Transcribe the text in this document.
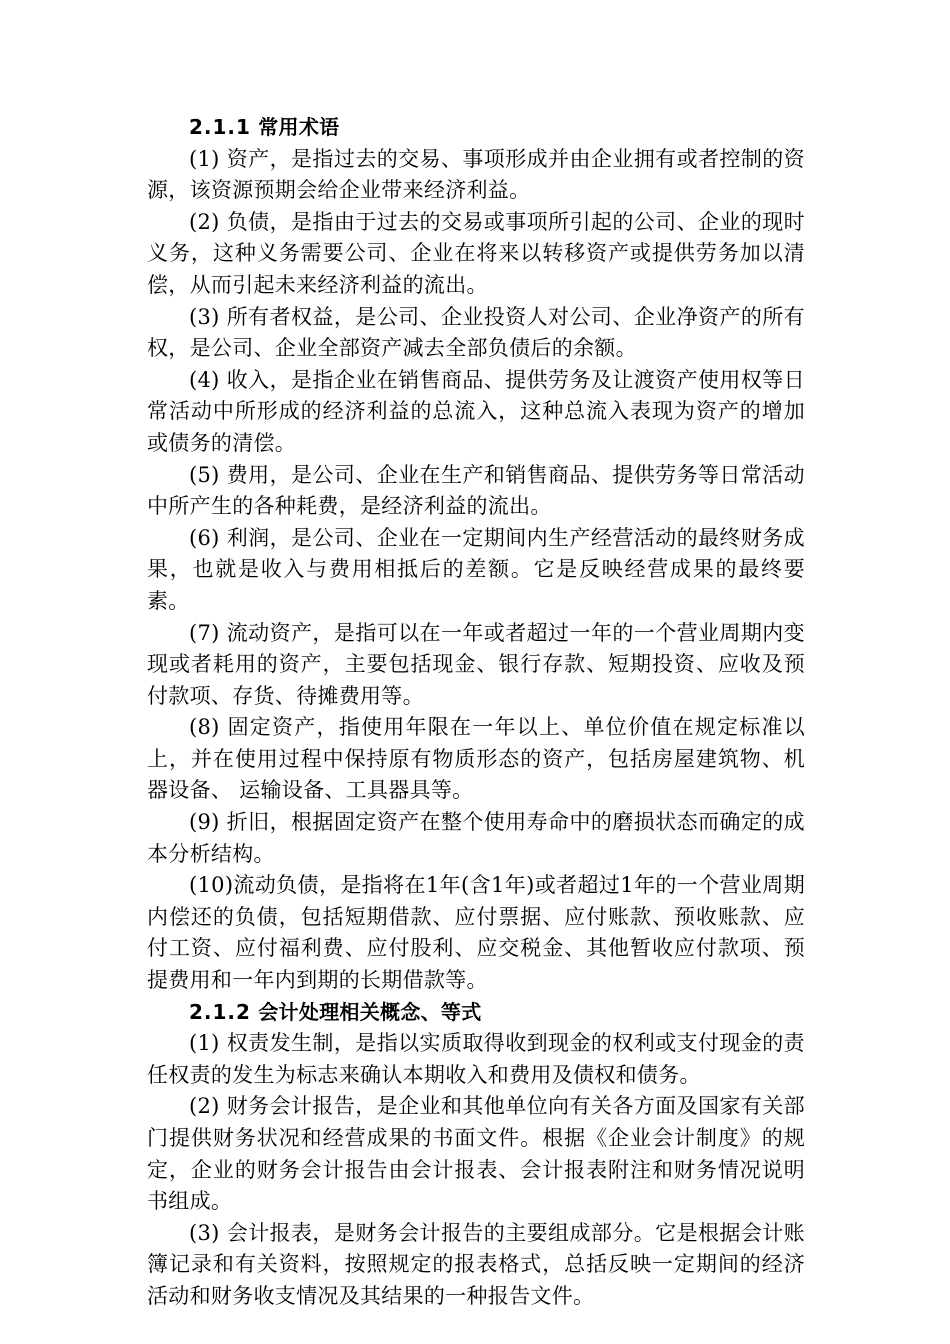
2.1.1 常用术语

(1) 资产，是指过去的交易、事项形成并由企业拥有或者控制的资源，该资源预期会给企业带来经济利益。

(2) 负债，是指由于过去的交易或事项所引起的公司、企业的现时义务，这种义务需要公司、企业在将来以转移资产或提供劳务加以清偿，从而引起未来经济利益的流出。

(3) 所有者权益，是公司、企业投资人对公司、企业净资产的所有权，是公司、企业全部资产减去全部负债后的余额。

(4) 收入，是指企业在销售商品、提供劳务及让渡资产使用权等日常活动中所形成的经济利益的总流入，这种总流入表现为资产的增加或债务的清偿。

(5) 费用，是公司、企业在生产和销售商品、提供劳务等日常活动中所产生的各种耗费，是经济利益的流出。

(6) 利润，是公司、企业在一定期间内生产经营活动的最终财务成果，也就是收入与费用相抵后的差额。它是反映经营成果的最终要素。

(7) 流动资产，是指可以在一年或者超过一年的一个营业周期内变现或者耗用的资产，主要包括现金、银行存款、短期投资、应收及预付款项、存货、待摊费用等。

(8) 固定资产，指使用年限在一年以上、单位价值在规定标准以上，并在使用过程中保持原有物质形态的资产，包括房屋建筑物、机器设备、 运输设备、工具器具等。

(9) 折旧，根据固定资产在整个使用寿命中的磨损状态而确定的成本分析结构。

(10)流动负债，是指将在1年(含1年)或者超过1年的一个营业周期内偿还的负债，包括短期借款、应付票据、应付账款、预收账款、应付工资、应付福利费、应付股利、应交税金、其他暂收应付款项、预提费用和一年内到期的长期借款等。

2.1.2 会计处理相关概念、等式

(1) 权责发生制，是指以实质取得收到现金的权利或支付现金的责任权责的发生为标志来确认本期收入和费用及债权和债务。

(2) 财务会计报告，是企业和其他单位向有关各方面及国家有关部门提供财务状况和经营成果的书面文件。根据《企业会计制度》的规定，企业的财务会计报告由会计报表、会计报表附注和财务情况说明书组成。

(3) 会计报表，是财务会计报告的主要组成部分。它是根据会计账簿记录和有关资料，按照规定的报表格式，总括反映一定期间的经济活动和财务收支情况及其结果的一种报告文件。
